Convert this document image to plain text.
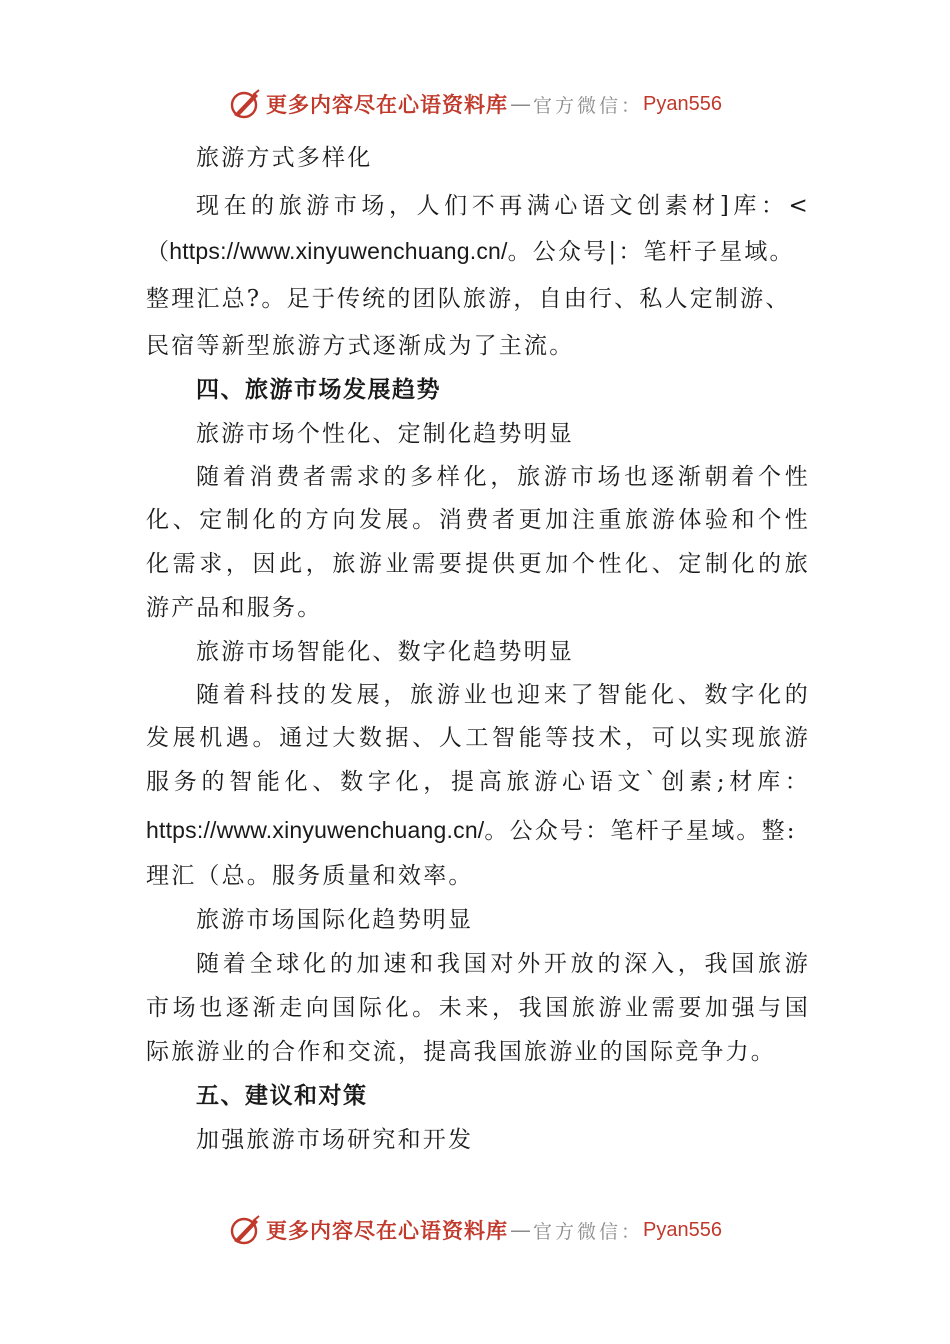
更多内容尽在心语资料库 — 官方微信： Pyan556
旅游方式多样化
现在的旅游市场，人们不再满心语文创素材]库：<
（https://www.xinyuwenchuang.cn/。公众号|：笔杆子星域。
整理汇总?。足于传统的团队旅游，自由行、私人定制游、
民宿等新型旅游方式逐渐成为了主流。
四、旅游市场发展趋势
旅游市场个性化、定制化趋势明显
随着消费者需求的多样化，旅游市场也逐渐朝着个性
化、定制化的方向发展。消费者更加注重旅游体验和个性
化需求，因此，旅游业需要提供更加个性化、定制化的旅
游产品和服务。
旅游市场智能化、数字化趋势明显
随着科技的发展，旅游业也迎来了智能化、数字化的
发展机遇。通过大数据、人工智能等技术，可以实现旅游
服务的智能化、数字化，提高旅游心语文`创素;材库：
https://www.xinyuwenchuang.cn/。公众号：笔杆子星域。整:
理汇（总。服务质量和效率。
旅游市场国际化趋势明显
随着全球化的加速和我国对外开放的深入，我国旅游
市场也逐渐走向国际化。未来，我国旅游业需要加强与国
际旅游业的合作和交流，提高我国旅游业的国际竞争力。
五、建议和对策
加强旅游市场研究和开发
更多内容尽在心语资料库 — 官方微信： Pyan556
